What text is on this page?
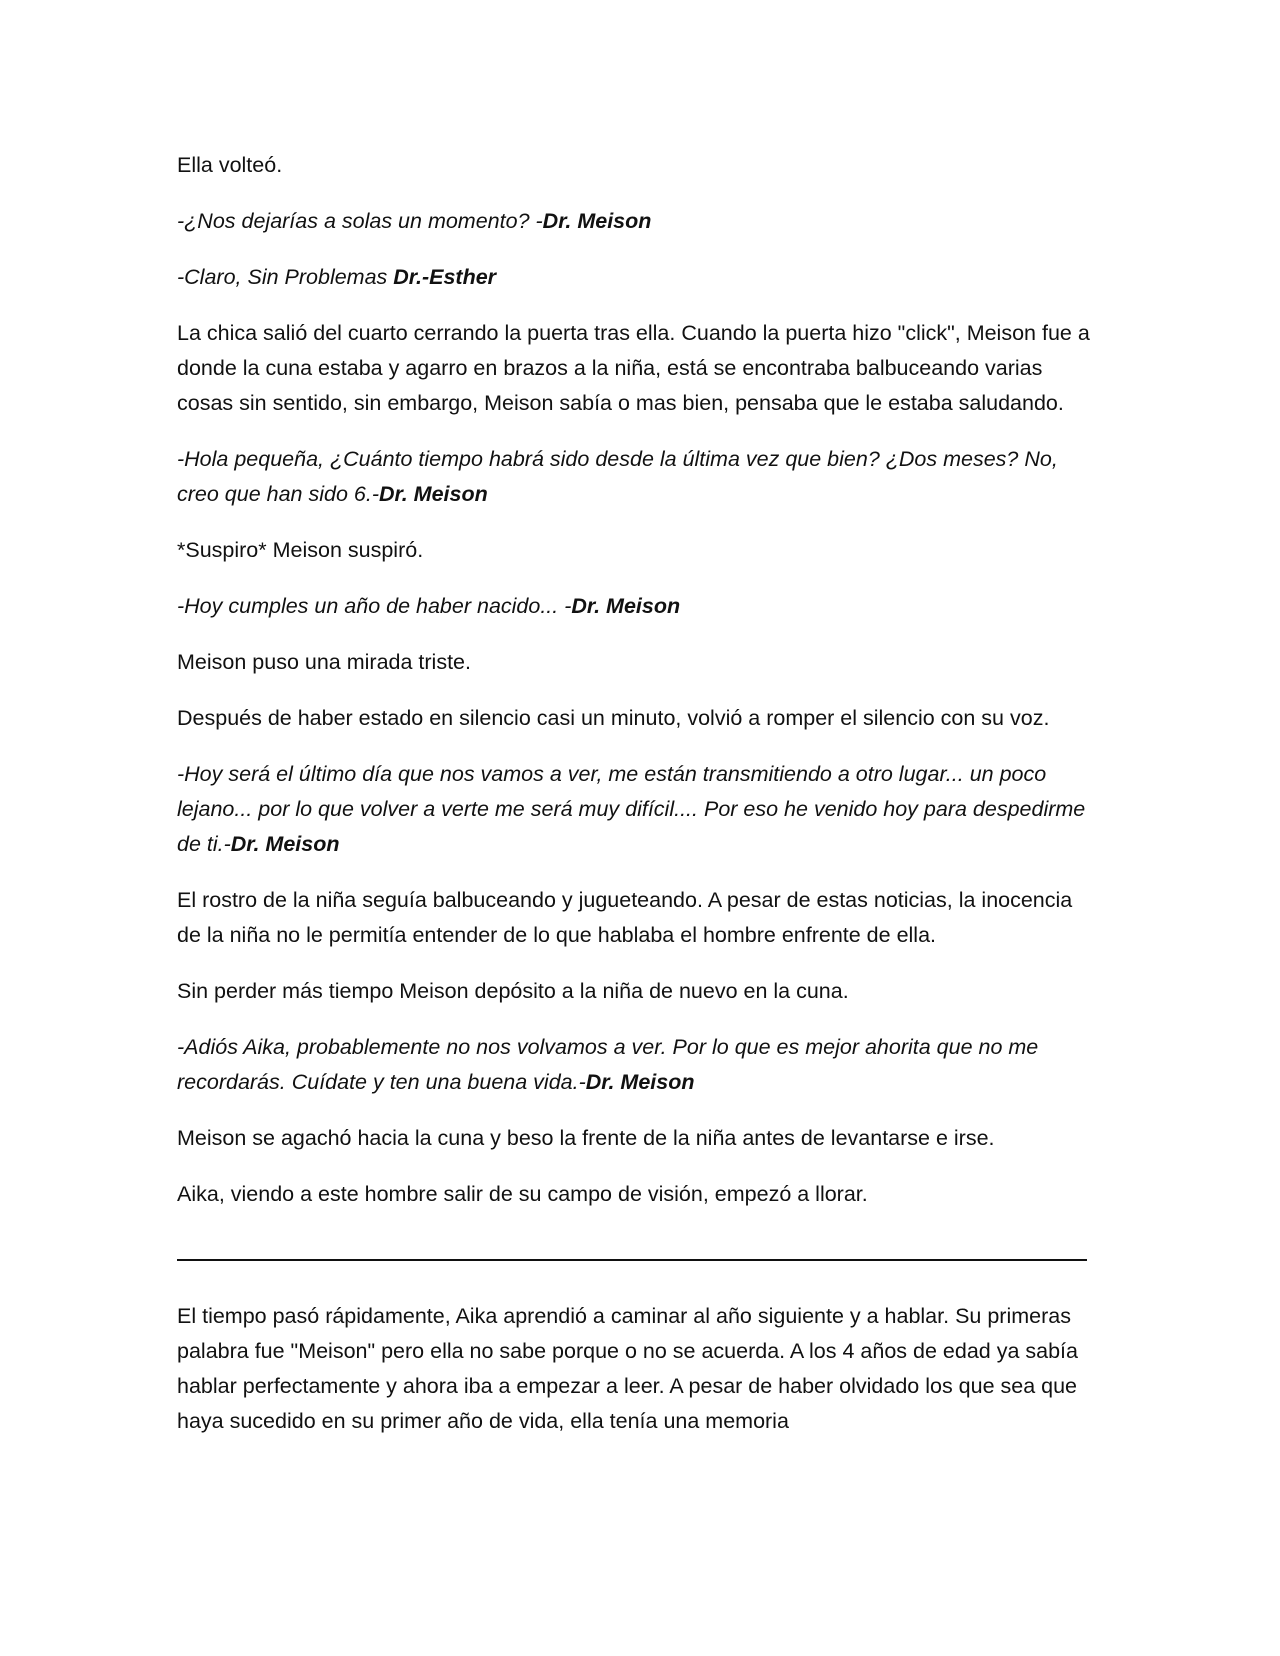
Ella volteó.

-¿Nos dejarías a solas un momento? -Dr. Meison

-Claro, Sin Problemas Dr.-Esther

La chica salió del cuarto cerrando la puerta tras ella. Cuando la puerta hizo "click", Meison fue a donde la cuna estaba y agarro en brazos a la niña, está se encontraba balbuceando varias cosas sin sentido, sin embargo, Meison sabía o mas bien, pensaba que le estaba saludando.

-Hola pequeña, ¿Cuánto tiempo habrá sido desde la última vez que bien? ¿Dos meses? No, creo que han sido 6.-Dr. Meison

*Suspiro* Meison suspiró.

-Hoy cumples un año de haber nacido... -Dr. Meison

Meison puso una mirada triste.

Después de haber estado en silencio casi un minuto, volvió a romper el silencio con su voz.

-Hoy será el último día que nos vamos a ver, me están transmitiendo a otro lugar... un poco lejano... por lo que volver a verte me será muy difícil.... Por eso he venido hoy para despedirme de ti.-Dr. Meison

El rostro de la niña seguía balbuceando y jugueteando. A pesar de estas noticias, la inocencia de la niña no le permitía entender de lo que hablaba el hombre enfrente de ella.

Sin perder más tiempo Meison depósito a la niña de nuevo en la cuna.

-Adiós Aika, probablemente no nos volvamos a ver. Por lo que es mejor ahorita que no me recordarás. Cuídate y ten una buena vida.-Dr. Meison

Meison se agachó hacia la cuna y beso la frente de la niña antes de levantarse e irse.

Aika, viendo a este hombre salir de su campo de visión, empezó a llorar.

El tiempo pasó rápidamente, Aika aprendió a caminar al año siguiente y a hablar. Su primeras palabra fue "Meison" pero ella no sabe porque o no se acuerda. A los 4 años de edad ya sabía hablar perfectamente y ahora iba a empezar a leer. A pesar de haber olvidado los que sea que haya sucedido en su primer año de vida, ella tenía una memoria
